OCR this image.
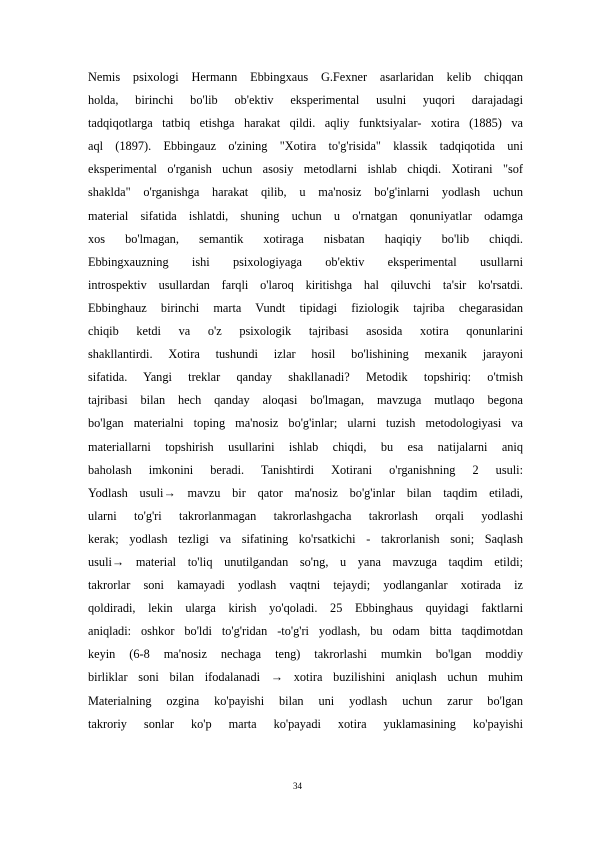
Nemis psixologi Hermann Ebbingxaus G.Fexner asarlaridan kelib chiqqan
holda, birinchi bo'lib ob'ektiv eksperimental usulni yuqori darajadagi
tadqiqotlarga tatbiq etishga harakat qildi. aqliy funktsiyalar- xotira (1885) va
aql (1897). Ebbingauz o'zining "Xotira to'g'risida" klassik tadqiqotida uni
eksperimental o'rganish uchun asosiy metodlarni ishlab chiqdi. Xotirani "sof
shaklda" o'rganishga harakat qilib, u ma'nosiz bo'g'inlarni yodlash uchun
material sifatida ishlatdi, shuning uchun u o'rnatgan qonuniyatlar odamga
xos bo'lmagan, semantik xotiraga nisbatan haqiqiy bo'lib chiqdi.
Ebbingxauzning ishi psixologiyaga ob'ektiv eksperimental usullarni
introspektiv usullardan farqli o'laroq kiritishga hal qiluvchi ta'sir ko'rsatdi.
Ebbinghauz birinchi marta Vundt tipidagi fiziologik tajriba chegarasidan
chiqib ketdi va o'z psixologik tajribasi asosida xotira qonunlarini
shakllantirdi. Xotira tushundi izlar hosil bo'lishining mexanik jarayoni
sifatida. Yangi treklar qanday shakllanadi? Metodik topshiriq: o'tmish
tajribasi bilan hech qanday aloqasi bo'lmagan, mavzuga mutlaqo begona
bo'lgan materialni toping ma'nosiz bo'g'inlar; ularni tuzish metodologiyasi va
materiallarni topshirish usullarini ishlab chiqdi, bu esa natijalarni aniq
baholash imkonini beradi. Tanishtirdi Xotirani o'rganishning 2 usuli:
Yodlash usuli→ mavzu bir qator ma'nosiz bo'g'inlar bilan taqdim etiladi,
ularni to'g'ri takrorlanmagan takrorlashgacha takrorlash orqali yodlashi
kerak; yodlash tezligi va sifatining ko'rsatkichi - takrorlanish soni; Saqlash
usuli→ material to'liq unutilgandan so'ng, u yana mavzuga taqdim etildi;
takrorlar soni kamayadi yodlash vaqtni tejaydi; yodlanganlar xotirada iz
qoldiradi, lekin ularga kirish yo'qoladi. 25 Ebbinghaus quyidagi faktlarni
aniqladi: oshkor bo'ldi to'g'ridan -to'g'ri yodlash, bu odam bitta taqdimotdan
keyin (6-8 ma'nosiz nechaga teng) takrorlashi mumkin bo'lgan moddiy
birliklar soni bilan ifodalanadi → xotira buzilishini aniqlash uchun muhim
Materialning ozgina ko'payishi bilan uni yodlash uchun zarur bo'lgan
takroriy sonlar ko'p marta ko'payadi xotira yuklamasining ko'payishi
34
